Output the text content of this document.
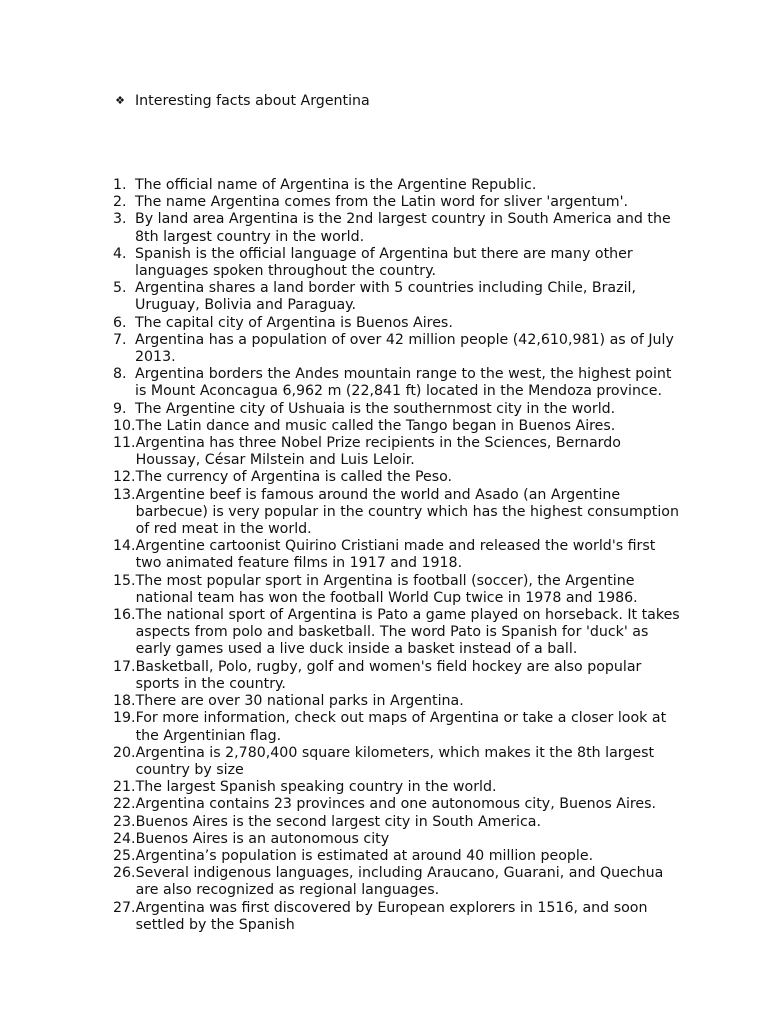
❖ Interesting facts about Argentina
1. The official name of Argentina is the Argentine Republic.
2. The name Argentina comes from the Latin word for sliver 'argentum'.
3. By land area Argentina is the 2nd largest country in South America and the 8th largest country in the world.
4. Spanish is the official language of Argentina but there are many other languages spoken throughout the country.
5. Argentina shares a land border with 5 countries including Chile, Brazil, Uruguay, Bolivia and Paraguay.
6. The capital city of Argentina is Buenos Aires.
7. Argentina has a population of over 42 million people (42,610,981) as of July 2013.
8. Argentina borders the Andes mountain range to the west, the highest point is Mount Aconcagua 6,962 m (22,841 ft) located in the Mendoza province.
9. The Argentine city of Ushuaia is the southernmost city in the world.
10. The Latin dance and music called the Tango began in Buenos Aires.
11. Argentina has three Nobel Prize recipients in the Sciences, Bernardo Houssay, César Milstein and Luis Leloir.
12. The currency of Argentina is called the Peso.
13. Argentine beef is famous around the world and Asado (an Argentine barbecue) is very popular in the country which has the highest consumption of red meat in the world.
14. Argentine cartoonist Quirino Cristiani made and released the world's first two animated feature films in 1917 and 1918.
15. The most popular sport in Argentina is football (soccer), the Argentine national team has won the football World Cup twice in 1978 and 1986.
16. The national sport of Argentina is Pato a game played on horseback. It takes aspects from polo and basketball. The word Pato is Spanish for 'duck' as early games used a live duck inside a basket instead of a ball.
17. Basketball, Polo, rugby, golf and women's field hockey are also popular sports in the country.
18. There are over 30 national parks in Argentina.
19. For more information, check out maps of Argentina or take a closer look at the Argentinian flag.
20. Argentina is 2,780,400 square kilometers, which makes it the 8th largest country by size
21. The largest Spanish speaking country in the world.
22. Argentina contains 23 provinces and one autonomous city, Buenos Aires.
23. Buenos Aires is the second largest city in South America.
24. Buenos Aires is an autonomous city
25. Argentina’s population is estimated at around 40 million people.
26. Several indigenous languages, including Araucano, Guarani, and Quechua are also recognized as regional languages.
27. Argentina was first discovered by European explorers in 1516, and soon settled by the Spanish
